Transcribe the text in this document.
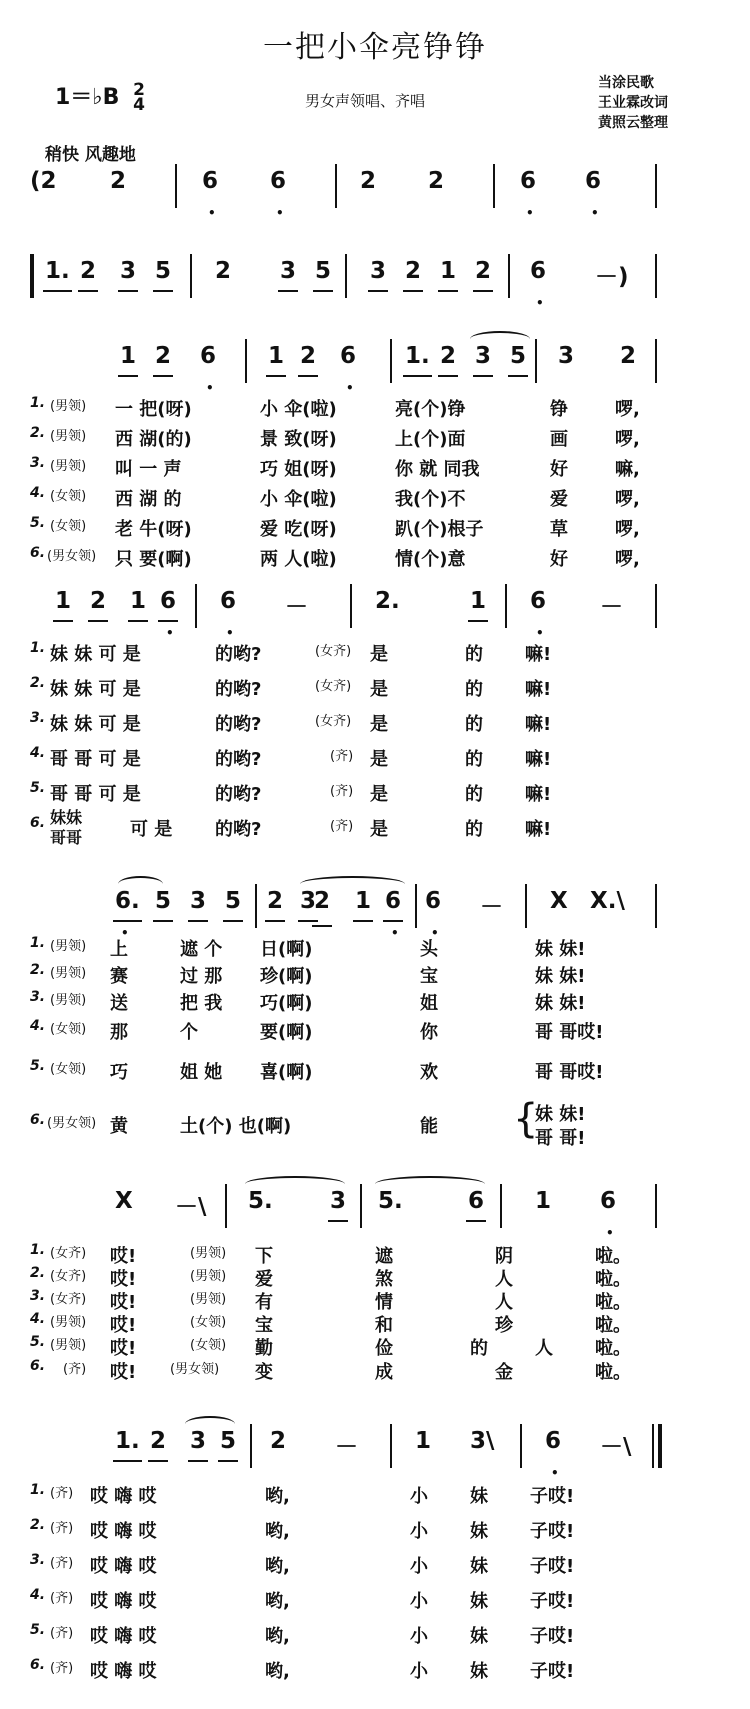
一把小伞亮铮铮
1＝♭B 2
4	男女声领唱、齐唱
当涂民歌
王业霖改词
黄照云整理
稍快 风趣地
(2 2	6
•
6
•
2 2	6
•
6
•
1. 2 3 5 2 3 5 3 2 1 2 6
•
－)
1 2 6
•
1 2 6
•
1. 2 3 5 3 2
1. (男领) 一 把(呀)	小 伞(啦)	亮(个)铮	铮	啰,
2. (男领) 西 湖(的)	景 致(呀)	上(个)面	画	啰,
3. (男领) 叫 一 声	巧 姐(呀)	你 就 同我	好	嘛,
4. (女领) 西 湖 的	小 伞(啦)	我(个)不	爱	啰,
5. (女领) 老 牛(呀)	爱 吃(呀)	趴(个)根子	草	啰,
6. (男女领) 只 要(啊)	两 人(啦)	情(个)意	好	啰,
1 2 1 6
•
6
•
－	2.	1 6
•
－
1. 妹 妹 可 是	的哟?	(女齐) 是	的 嘛!
2. 妹 妹 可 是	的哟?	(女齐) 是	的 嘛!
3. 妹 妹 可 是	的哟?	(女齐) 是	的 嘛!
4. 哥 哥 可 是	的哟?	(齐) 是	的 嘛!
5. 哥 哥 可 是	的哟?	(齐) 是	的 嘛!
6. 妹妹
哥哥	可 是 的哟?	(齐) 是	的 嘛!
6.
•
5 3 5 2 3
2 1 6
•
6
•
－ X X.\
1. (男领) 上	遮 个 日(啊)	头	妹 妹!
2. (男领) 赛	过 那 珍(啊)	宝	妹 妹!
3. (男领) 送	把 我 巧(啊)	姐	妹 妹!
4. (女领) 那	个	要(啊)	你	哥 哥哎!
5. (女领) 巧	姐 她 喜(啊)	欢	哥 哥哎!
6. (男女领) 黄	土(个) 也(啊)	能 {
妹 妹!
哥 哥!
X －\ 5. 3 5.	6 1 6
•
1. (女齐) 哎!	(男领) 下	遮	阴	啦。
2. (女齐) 哎!	(男领) 爱	煞	人	啦。
3. (女齐) 哎!	(男领) 有	情	人	啦。
4. (男领) 哎!	(女领) 宝	和	珍	啦。
5. (男领) 哎!	(女领) 勤	俭	的	人 啦。
6. (齐) 哎!	(男女领) 变	成	金	啦。
1. 2 3 5 2 － 1 3\ 6
•
－\
1. (齐) 哎 嗨 哎	哟,	小 妹 子哎!
2. (齐) 哎 嗨 哎	哟,	小 妹 子哎!
3. (齐) 哎 嗨 哎	哟,	小 妹 子哎!
4. (齐) 哎 嗨 哎	哟,	小 妹 子哎!
5. (齐) 哎 嗨 哎	哟,	小 妹 子哎!
6. (齐) 哎 嗨 哎	哟,	小 妹 子哎!
